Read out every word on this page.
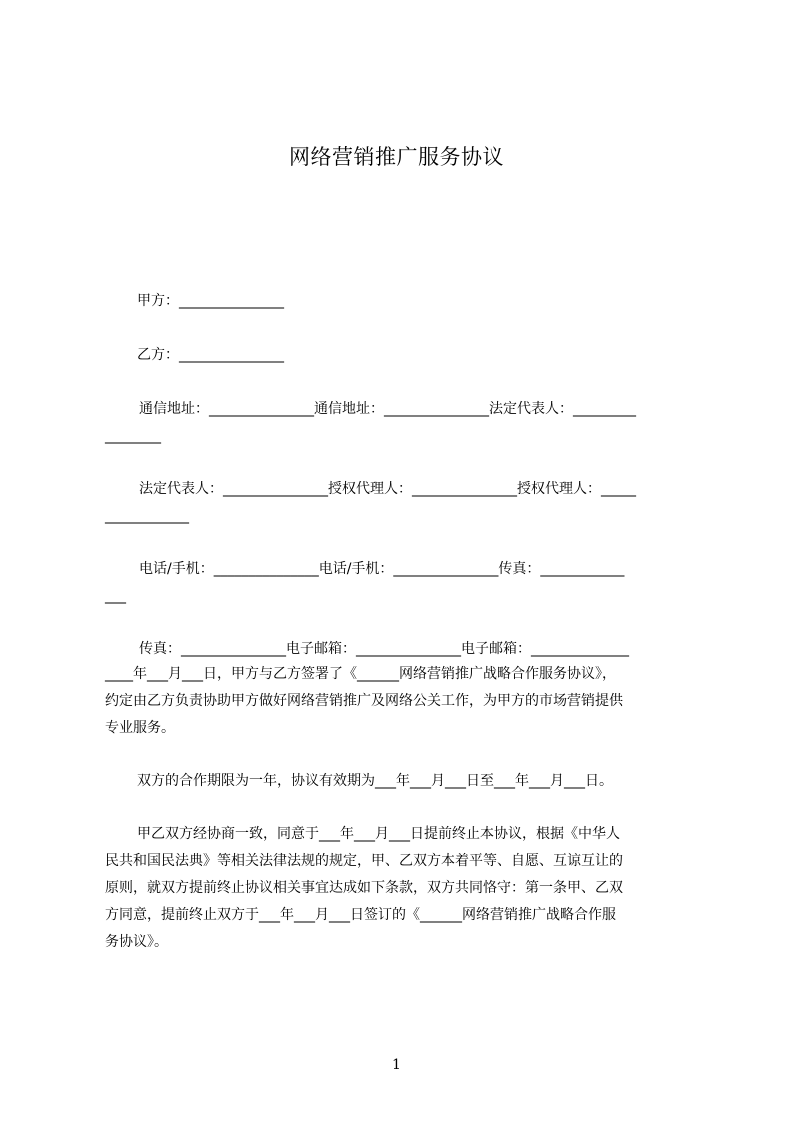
网络营销推广服务协议
甲方：_______________
乙方：_______________
通信地址：_______________通信地址：_______________法定代表人：_________
________
法定代表人：_______________授权代理人：_______________授权代理人：_____
____________
电话/手机：_______________电话/手机：_______________传真：____________
___
传真：_______________电子邮箱：_______________电子邮箱：______________
____年___月___日，甲方与乙方签署了《______网络营销推广战略合作服务协议》，
约定由乙方负责协助甲方做好网络营销推广及网络公关工作，为甲方的市场营销提供
专业服务。
双方的合作期限为一年，协议有效期为___年___月___日至___年___月___日。
甲乙双方经协商一致，同意于___年___月___日提前终止本协议，根据《中华人
民共和国民法典》等相关法律法规的规定，甲、乙双方本着平等、自愿、互谅互让的
原则，就双方提前终止协议相关事宜达成如下条款，双方共同恪守：第一条甲、乙双
方同意，提前终止双方于___年___月___日签订的《______网络营销推广战略合作服
务协议》。
1
